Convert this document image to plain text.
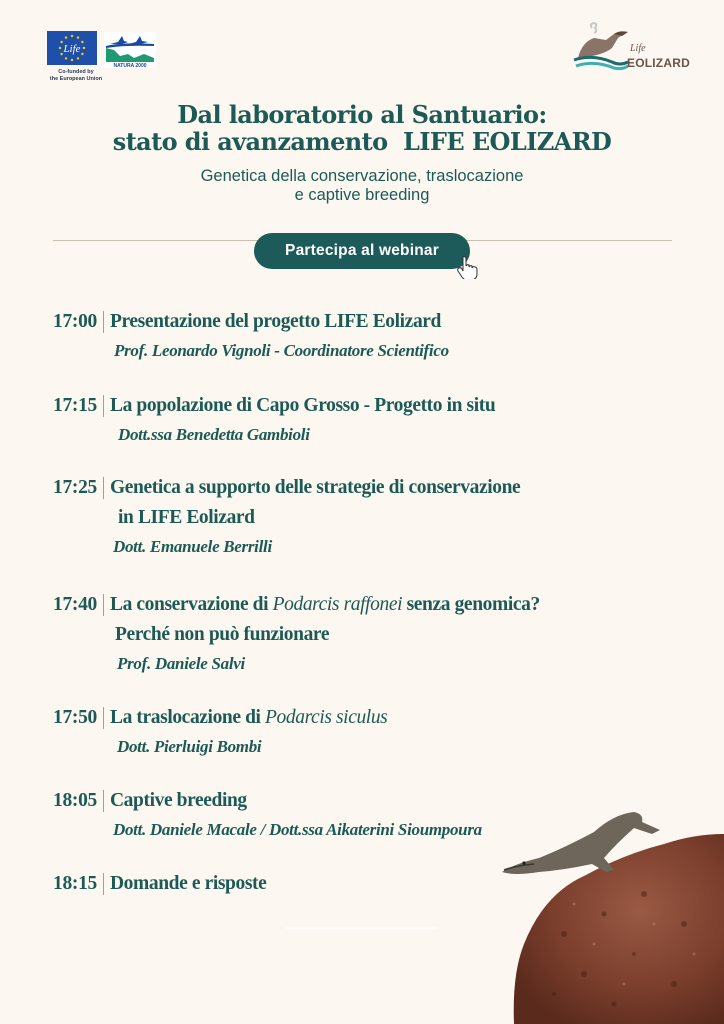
Life
Co-funded by
the European Union
NATURA 2000
Life
EOLIZARD
Dal laboratorio al Santuario:
stato di avanzamento  LIFE EOLIZARD
Genetica della conservazione, traslocazione
e captive breeding
Partecipa al webinar
17:00 Presentazione del progetto LIFE Eolizard
Prof. Leonardo Vignoli - Coordinatore Scientifico
17:15 La popolazione di Capo Grosso - Progetto in situ
Dott.ssa Benedetta Gambioli
17:25 Genetica a supporto delle strategie di conservazione
in LIFE Eolizard
Dott. Emanuele Berrilli
17:40 La conservazione di Podarcis raffonei senza genomica?
Perché non può funzionare
Prof. Daniele Salvi
17:50 La traslocazione di Podarcis siculus
Dott. Pierluigi Bombi
18:05 Captive breeding
Dott. Daniele Macale / Dott.ssa Aikaterini Sioumpoura
18:15 Domande e risposte
